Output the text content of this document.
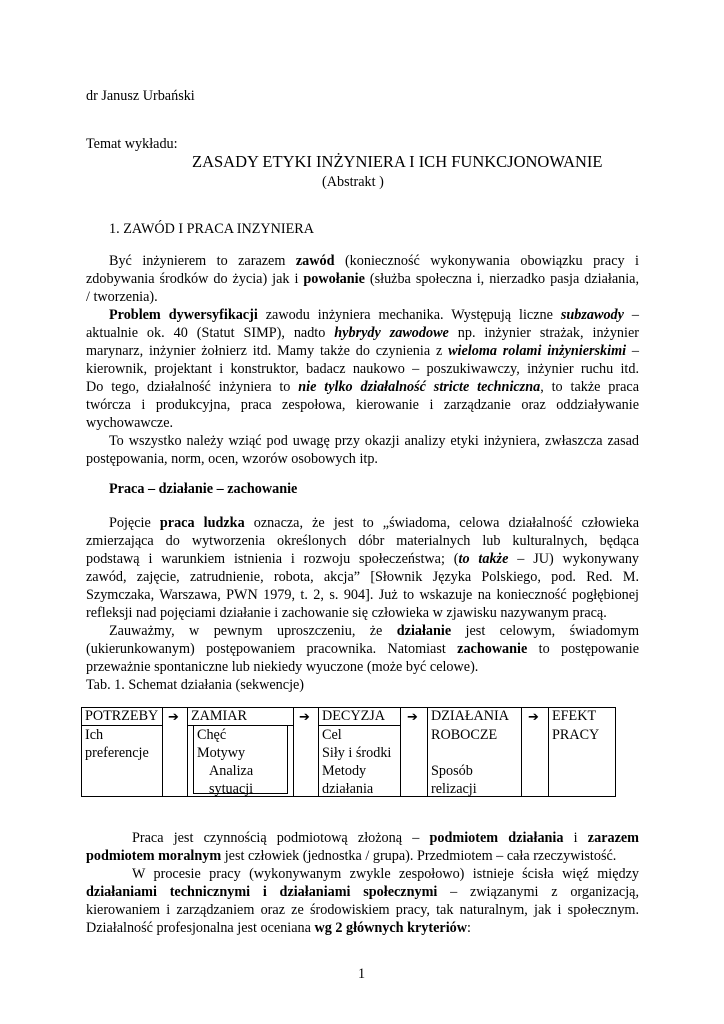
dr Janusz Urbański
Temat wykładu:
ZASADY ETYKI INŻYNIERA I ICH FUNKCJONOWANIE
(Abstrakt )
1. ZAWÓD I PRACA INZYNIERA
Być inżynierem to zarazem zawód (konieczność wykonywania obowiązku pracy i
zdobywania środków do życia) jak i powołanie (służba społeczna i, nierzadko pasja działania,
/ tworzenia).
Problem dywersyfikacji zawodu inżyniera mechanika. Występują liczne subzawody –
aktualnie ok. 40 (Statut SIMP), nadto hybrydy zawodowe np. inżynier strażak, inżynier
marynarz, inżynier żołnierz itd. Mamy także do czynienia z wieloma rolami inżynierskimi –
kierownik, projektant i konstruktor, badacz naukowo – poszukiwawczy, inżynier ruchu itd.
Do tego, działalność inżyniera to nie tylko działalność stricte techniczna, to także praca
twórcza i produkcyjna, praca zespołowa, kierowanie i zarządzanie oraz oddziaływanie
wychowawcze.
To wszystko należy wziąć pod uwagę przy okazji analizy etyki inżyniera, zwłaszcza zasad
postępowania, norm, ocen, wzorów osobowych itp.
Praca – działanie – zachowanie
Pojęcie praca ludzka oznacza, że jest to „świadoma, celowa działalność człowieka
zmierzająca do wytworzenia określonych dóbr materialnych lub kulturalnych, będąca
podstawą i warunkiem istnienia i rozwoju społeczeństwa; (to także – JU) wykonywany
zawód, zajęcie, zatrudnienie, robota, akcja” [Słownik Języka Polskiego, pod. Red. M.
Szymczaka, Warszawa, PWN 1979, t. 2, s. 904]. Już to wskazuje na konieczność pogłębionej
refleksji nad pojęciami działanie i zachowanie się człowieka w zjawisku nazywanym pracą.
Zauważmy, w pewnym uproszczeniu, że działanie jest celowym, świadomym
(ukierunkowanym) postępowaniem pracownika. Natomiast zachowanie to postępowanie
przeważnie spontaniczne lub niekiedy wyuczone (może być celowe).
Tab. 1. Schemat działania (sekwencje)
POTRZEBY
Ich
preferencje
➔ ZAMIAR
Chęć
Motywy
Analiza
sytuacji
➔ DECYZJA
Cel
Siły i środki
Metody
działania
➔ DZIAŁANIA
ROBOCZE
Sposób
relizacji
➔ EFEKT
PRACY
Praca jest czynnością podmiotową złożoną – podmiotem działania i zarazem
podmiotem moralnym jest człowiek (jednostka / grupa). Przedmiotem – cała rzeczywistość.
W procesie pracy (wykonywanym zwykle zespołowo) istnieje ścisła więź między
działaniami technicznymi i działaniami społecznymi – związanymi z organizacją,
kierowaniem i zarządzaniem oraz ze środowiskiem pracy, tak naturalnym, jak i społecznym.
Działalność profesjonalna jest oceniana wg 2 głównych kryteriów:
1
